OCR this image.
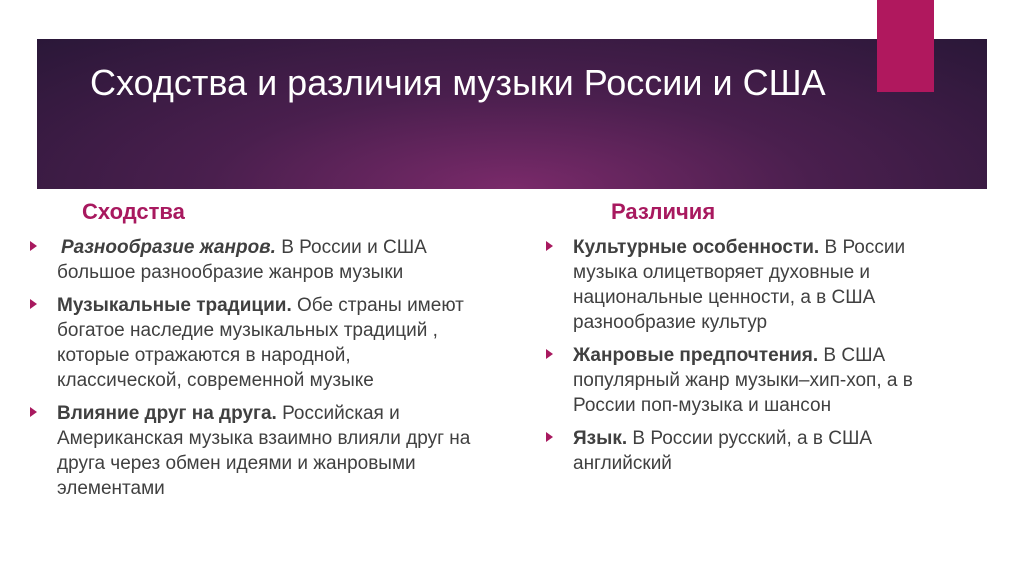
Сходства и различия музыки России и США
Сходства	Различия
Разнообразие жанров. В России и США большое разнообразие жанров музыки
Музыкальные традиции. Обе страны имеют богатое наследие музыкальных традиций , которые отражаются в народной, классической, современной музыке
Влияние друг на друга. Российская и Американская музыка взаимно влияли друг на друга через обмен идеями и жанровыми элементами
Культурные особенности. В России музыка олицетворяет духовные и национальные ценности, а в США разнообразие культур
Жанровые предпочтения. В США популярный жанр музыки–хип-хоп, а в России поп-музыка и шансон
Язык. В России русский, а в США английский
